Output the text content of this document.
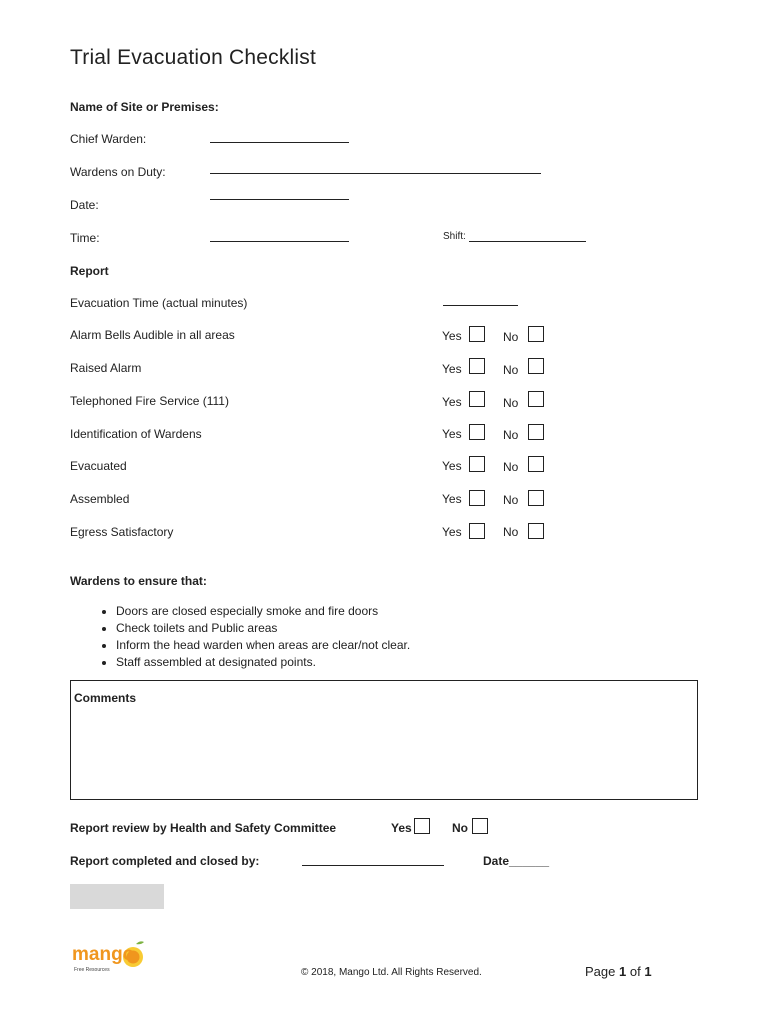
Trial Evacuation Checklist
Name of Site or Premises:
Chief Warden:
Wardens on Duty:
Date:
Time:	Shift:
Report
Evacuation Time (actual minutes)
Alarm Bells Audible in all areas	Yes	No
Raised Alarm	Yes	No
Telephoned Fire Service (111)	Yes	No
Identification of Wardens	Yes	No
Evacuated	Yes	No
Assembled	Yes	No
Egress Satisfactory	Yes	No
Wardens to ensure that:
• Doors are closed especially smoke and fire doors
• Check toilets and Public areas
• Inform the head warden when areas are clear/not clear.
• Staff assembled at designated points.
Comments
Report review by Health and Safety Committee	Yes	No
Report completed and closed by:	Date______
mango
Free Resources	© 2018, Mango Ltd. All Rights Reserved.	Page 1 of 1
